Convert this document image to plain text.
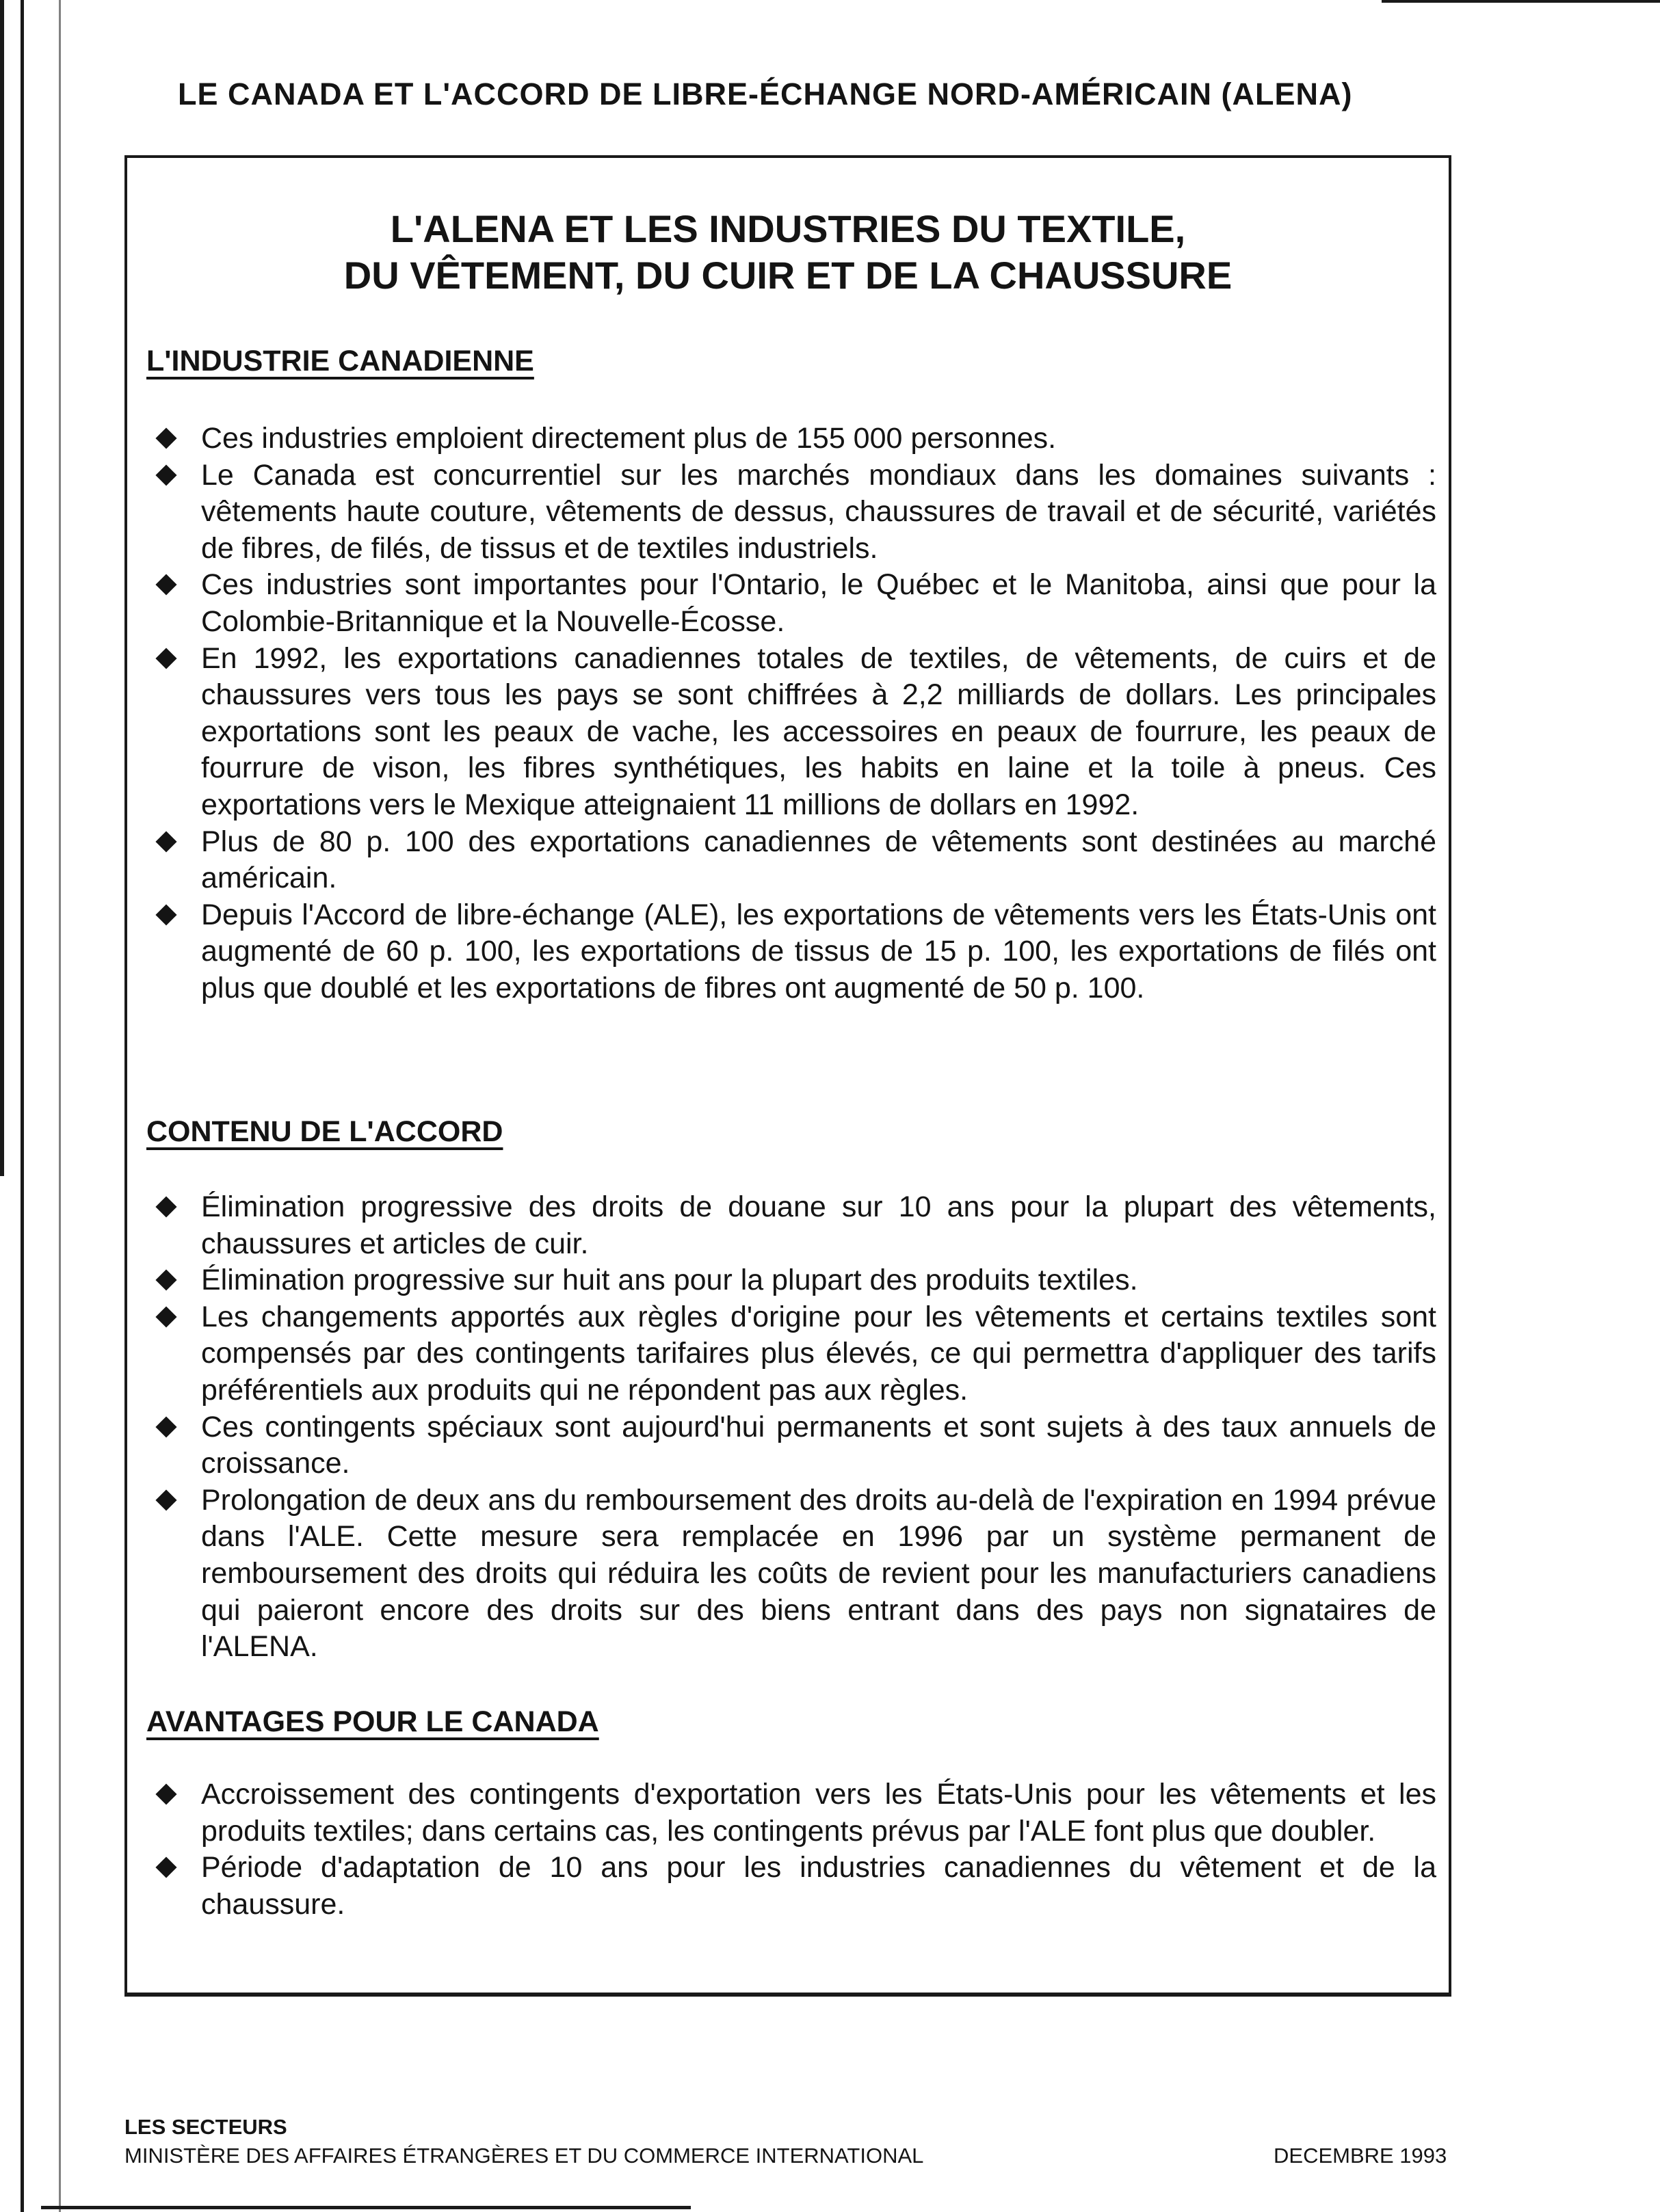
LE CANADA ET L'ACCORD DE LIBRE-ÉCHANGE NORD-AMÉRICAIN (ALENA)
L'ALENA ET LES INDUSTRIES DU TEXTILE,
DU VÊTEMENT, DU CUIR ET DE LA CHAUSSURE
L'INDUSTRIE CANADIENNE
Ces industries emploient directement plus de 155 000 personnes.
Le Canada est concurrentiel sur les marchés mondiaux dans les domaines suivants : vêtements haute couture, vêtements de dessus, chaussures de travail et de sécurité, variétés de fibres, de filés, de tissus et de textiles industriels.
Ces industries sont importantes pour l'Ontario, le Québec et le Manitoba, ainsi que pour la Colombie-Britannique et la Nouvelle-Écosse.
En 1992, les exportations canadiennes totales de textiles, de vêtements, de cuirs et de chaussures vers tous les pays se sont chiffrées à 2,2 milliards de dollars. Les principales exportations sont les peaux de vache, les accessoires en peaux de fourrure, les peaux de fourrure de vison, les fibres synthétiques, les habits en laine et la toile à pneus. Ces exportations vers le Mexique atteignaient 11 millions de dollars en 1992.
Plus de 80 p. 100 des exportations canadiennes de vêtements sont destinées au marché américain.
Depuis l'Accord de libre-échange (ALE), les exportations de vêtements vers les États-Unis ont augmenté de 60 p. 100, les exportations de tissus de 15 p. 100, les exportations de filés ont plus que doublé et les exportations de fibres ont augmenté de 50 p. 100.
CONTENU DE L'ACCORD
Élimination progressive des droits de douane sur 10 ans pour la plupart des vêtements, chaussures et articles de cuir.
Élimination progressive sur huit ans pour la plupart des produits textiles.
Les changements apportés aux règles d'origine pour les vêtements et certains textiles sont compensés par des contingents tarifaires plus élevés, ce qui permettra d'appliquer des tarifs préférentiels aux produits qui ne répondent pas aux règles.
Ces contingents spéciaux sont aujourd'hui permanents et sont sujets à des taux annuels de croissance.
Prolongation de deux ans du remboursement des droits au-delà de l'expiration en 1994 prévue dans l'ALE. Cette mesure sera remplacée en 1996 par un système permanent de remboursement des droits qui réduira les coûts de revient pour les manufacturiers canadiens qui paieront encore des droits sur des biens entrant dans des pays non signataires de l'ALENA.
AVANTAGES POUR LE CANADA
Accroissement des contingents d'exportation vers les États-Unis pour les vêtements et les produits textiles; dans certains cas, les contingents prévus par l'ALE font plus que doubler.
Période d'adaptation de 10 ans pour les industries canadiennes du vêtement et de la chaussure.
LES SECTEURS
MINISTÈRE DES AFFAIRES ÉTRANGÈRES ET DU COMMERCE INTERNATIONAL	DECEMBRE 1993
